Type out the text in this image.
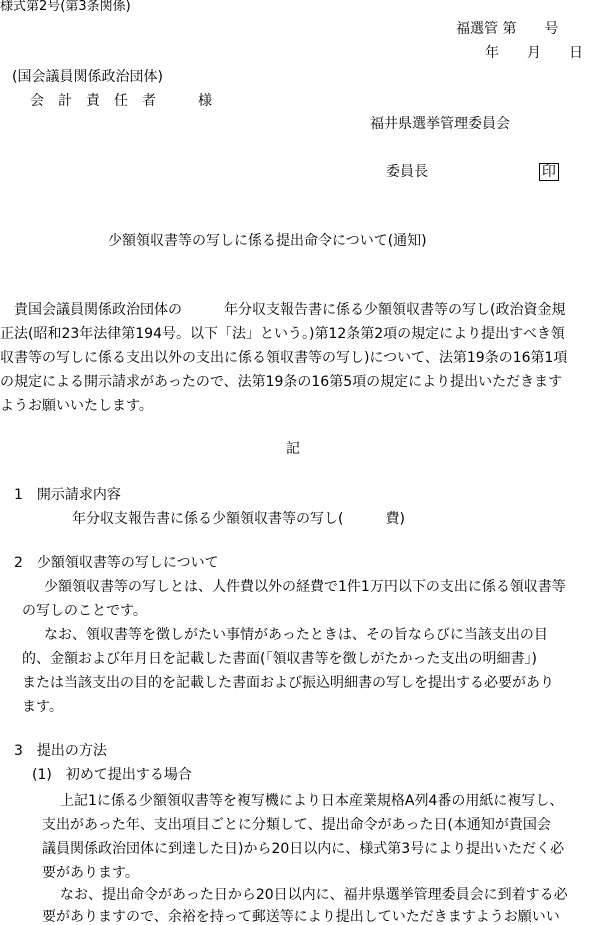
様式第2号(第3条関係)
福選管 第　　号
年　　月　　日
(国会議員関係政治団体)
会　計　責　任　者　　　様
福井県選挙管理委員会
委員長	印
少額領収書等の写しに係る提出命令について(通知)
　貴国会議員関係政治団体の　　　年分収支報告書に係る少額領収書等の写し(政治資金規
正法(昭和23年法律第194号。以下「法」という。)第12条第2項の規定により提出すべき領
収書等の写しに係る支出以外の支出に係る領収書等の写し)について、法第19条の16第1項
の規定による開示請求があったので、法第19条の16第5項の規定により提出いただきます
ようお願いいたします。
記
1　開示請求内容
年分収支報告書に係る少額領収書等の写し(　　　費)
2　少額領収書等の写しについて
少額領収書等の写しとは、人件費以外の経費で1件1万円以下の支出に係る領収書等
の写しのことです。
なお、領収書等を徴しがたい事情があったときは、その旨ならびに当該支出の目
的、金額および年月日を記載した書面(「領収書等を徴しがたかった支出の明細書」)
または当該支出の目的を記載した書面および振込明細書の写しを提出する必要があり
ます。
3　提出の方法
(1)　初めて提出する場合
上記1に係る少額領収書等を複写機により日本産業規格A列4番の用紙に複写し、
支出があった年、支出項目ごとに分類して、提出命令があった日(本通知が貴国会
議員関係政治団体に到達した日)から20日以内に、様式第3号により提出いただく必
要があります。
なお、提出命令があった日から20日以内に、福井県選挙管理委員会に到着する必
要がありますので、余裕を持って郵送等により提出していただきますようお願いい
